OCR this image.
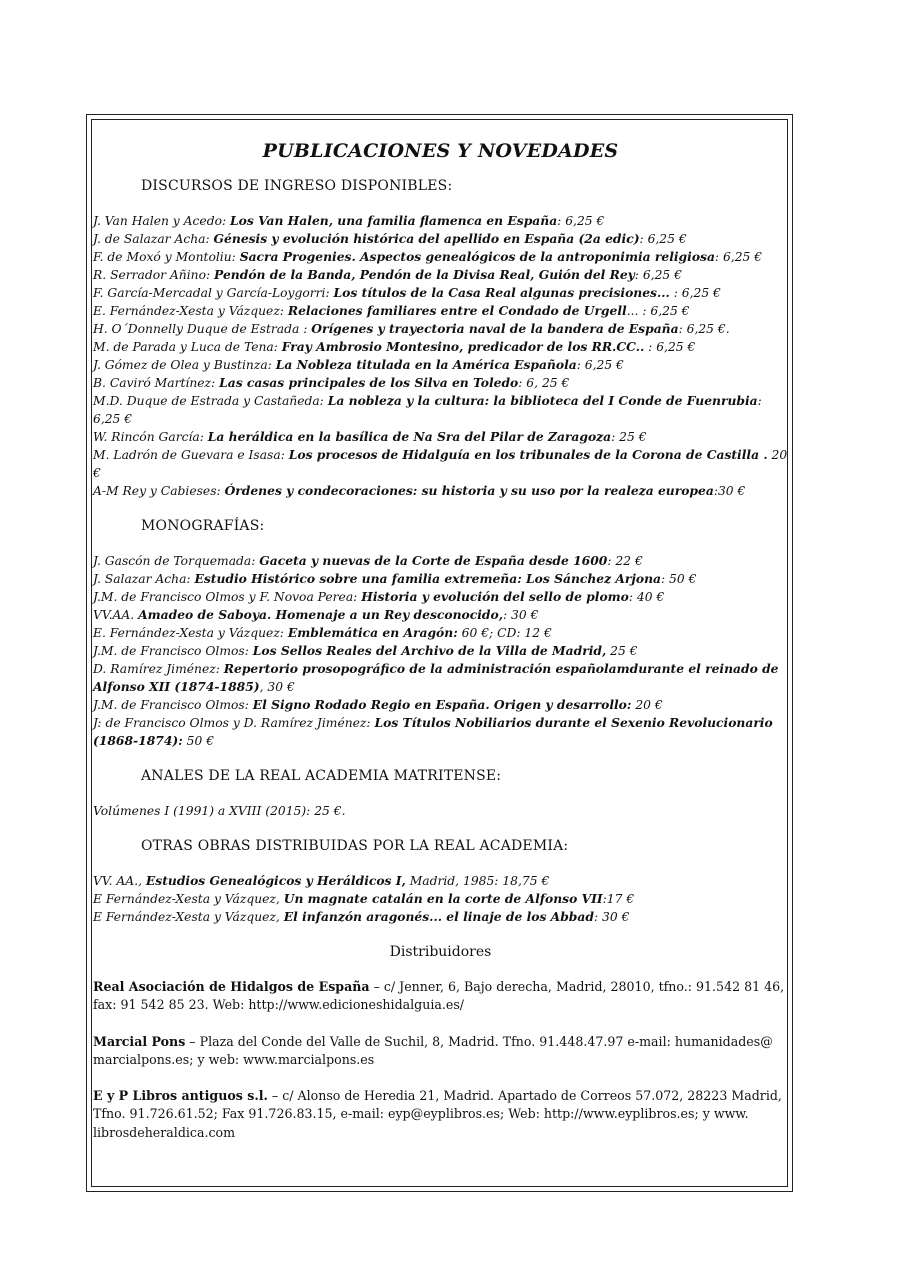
PUBLICACIONES Y NOVEDADES
DISCURSOS DE INGRESO DISPONIBLES:
J. Van Halen y Acedo: Los Van Halen, una familia flamenca en España: 6,25 €
J. de Salazar Acha: Génesis y evolución histórica del apellido en España (2a edic): 6,25 €
F. de Moxó y Montoliu: Sacra Progenies. Aspectos genealógicos de la antroponimia religiosa: 6,25 €
R. Serrador Añino: Pendón de la Banda, Pendón de la Divisa Real, Guión del Rey: 6,25 €
F. García-Mercadal y García-Loygorri: Los títulos de la Casa Real algunas precisiones... : 6,25 €
E. Fernández-Xesta y Vázquez: Relaciones familiares entre el Condado de Urgell... : 6,25 €
H. O´Donnelly Duque de Estrada : Orígenes y trayectoria naval de la bandera de España: 6,25 €.
M. de Parada y Luca de Tena: Fray Ambrosio Montesino, predicador de los RR.CC.. : 6,25 €
J. Gómez de Olea y Bustinza: La Nobleza titulada en la América Española: 6,25 €
B. Caviró Martínez: Las casas principales de los Silva en Toledo: 6, 25 €
M.D. Duque de Estrada y Castañeda: La nobleza y la cultura: la biblioteca del I Conde de Fuenrubia: 6,25 €
W. Rincón García: La heráldica en la basílica de Na Sra del Pilar de Zaragoza: 25 €
M. Ladrón de Guevara e Isasa: Los procesos de Hidalguía en los tribunales de la Corona de Castilla . 20 €
A-M Rey y Cabieses: Órdenes y condecoraciones: su historia y su uso por la realeza europea:30 €
MONOGRAFÍAS:
J. Gascón de Torquemada: Gaceta y nuevas de la Corte de España desde 1600: 22 €
J. Salazar Acha: Estudio Histórico sobre una familia extremeña: Los Sánchez Arjona: 50 €
J.M. de Francisco Olmos y F. Novoa Perea: Historia y evolución del sello de plomo: 40 €
VV.AA. Amadeo de Saboya. Homenaje a un Rey desconocido,: 30 €
E. Fernández-Xesta y Vázquez: Emblemática en Aragón: 60 €; CD: 12 €
J.M. de Francisco Olmos: Los Sellos Reales del Archivo de la Villa de Madrid, 25 €
D. Ramírez Jiménez: Repertorio prosopográfico de la administración españolamdurante el reinado de Alfonso XII (1874-1885), 30 €
J.M. de Francisco Olmos: El Signo Rodado Regio en España. Origen y desarrollo: 20 €
J: de Francisco Olmos y D. Ramírez Jiménez: Los Títulos Nobiliarios durante el Sexenio Revolucionario (1868-1874): 50 €
ANALES DE LA REAL ACADEMIA MATRITENSE:
Volúmenes I (1991) a XVIII (2015): 25 €.
OTRAS OBRAS DISTRIBUIDAS POR LA REAL ACADEMIA:
VV. AA., Estudios Genealógicos y Heráldicos I, Madrid, 1985: 18,75 €
E Fernández-Xesta y Vázquez, Un magnate catalán en la corte de Alfonso VII:17 €
E Fernández-Xesta y Vázquez, El infanzón aragonés... el linaje de los Abbad: 30 €
Distribuidores
Real Asociación de Hidalgos de España – c/ Jenner, 6, Bajo derecha, Madrid, 28010, tfno.: 91.542 81 46, fax: 91 542 85 23. Web: http://www.edicioneshidalguia.es/
Marcial Pons – Plaza del Conde del Valle de Suchil, 8, Madrid. Tfno. 91.448.47.97 e-mail: humanidades@ marcialpons.es; y web: www.marcialpons.es
E y P Libros antiguos s.l. – c/ Alonso de Heredia 21, Madrid. Apartado de Correos 57.072, 28223 Madrid, Tfno. 91.726.61.52; Fax 91.726.83.15, e-mail: eyp@eyplibros.es; Web: http://www.eyplibros.es; y www. librosdeheraldica.com
